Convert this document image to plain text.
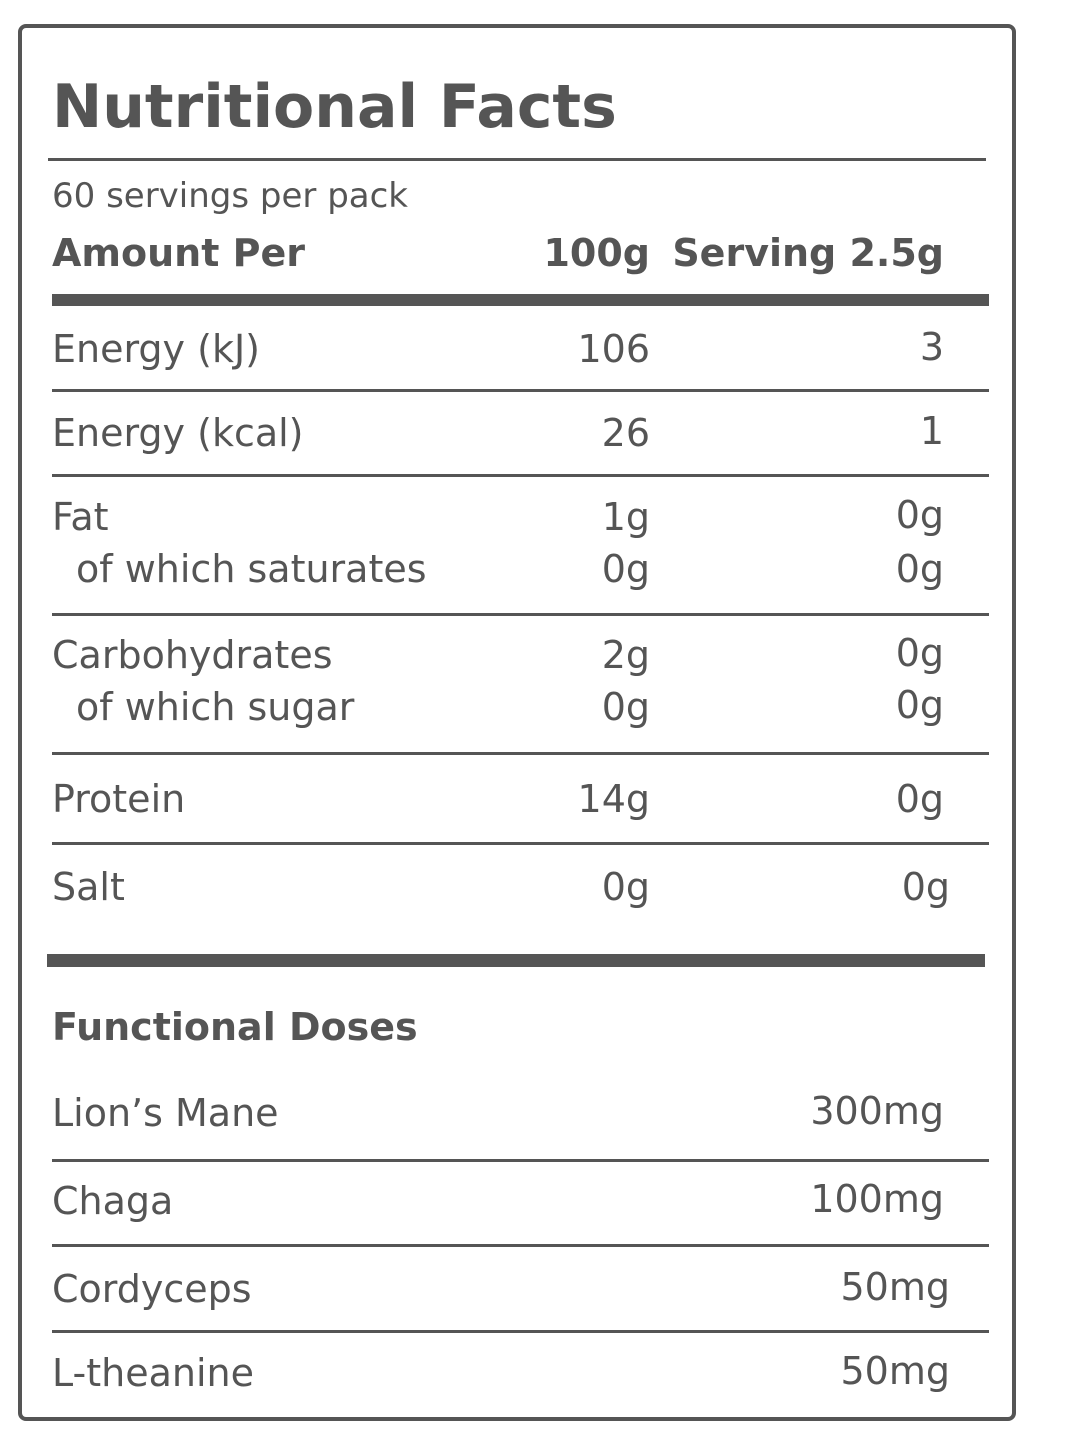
Nutritional Facts
60 servings per pack
Amount Per	100g Serving 2.5g
Energy (kJ)	106	3
Energy (kcal)	26	1
Fat	1g	0g
of which saturates	0g	0g
Carbohydrates	2g	0g
of which sugar	0g	0g
Protein	14g	0g
Salt	0g	0g
Functional Doses
Lion’s Mane	300mg
Chaga	100mg
Cordyceps	50mg
L-theanine	50mg
